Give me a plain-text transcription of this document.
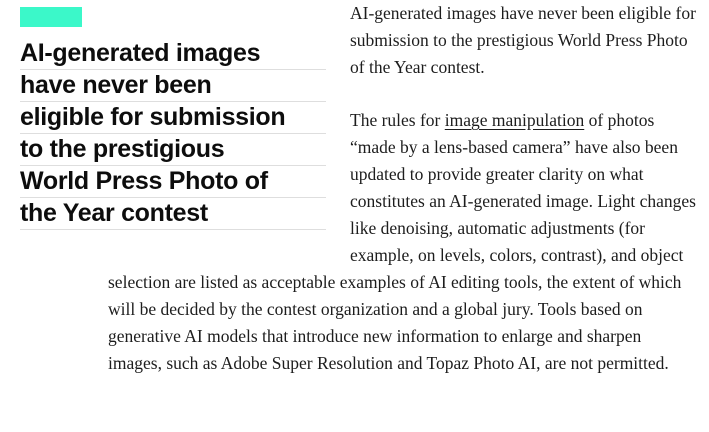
AI-generated images
have never been
eligible for submission
to the prestigious
World Press Photo of
the Year contest

AI-generated images have never been eligible for submission to the prestigious World Press Photo of the Year contest.

The rules for image manipulation of photos “made by a lens-based camera” have also been updated to provide greater clarity on what constitutes an AI-generated image. Light changes like denoising, automatic adjustments (for example, on levels, colors, contrast), and object selection are listed as acceptable examples of AI editing tools, the extent of which will be decided by the contest organization and a global jury. Tools based on generative AI models that introduce new information to enlarge and sharpen images, such as Adobe Super Resolution and Topaz Photo AI, are not permitted.
